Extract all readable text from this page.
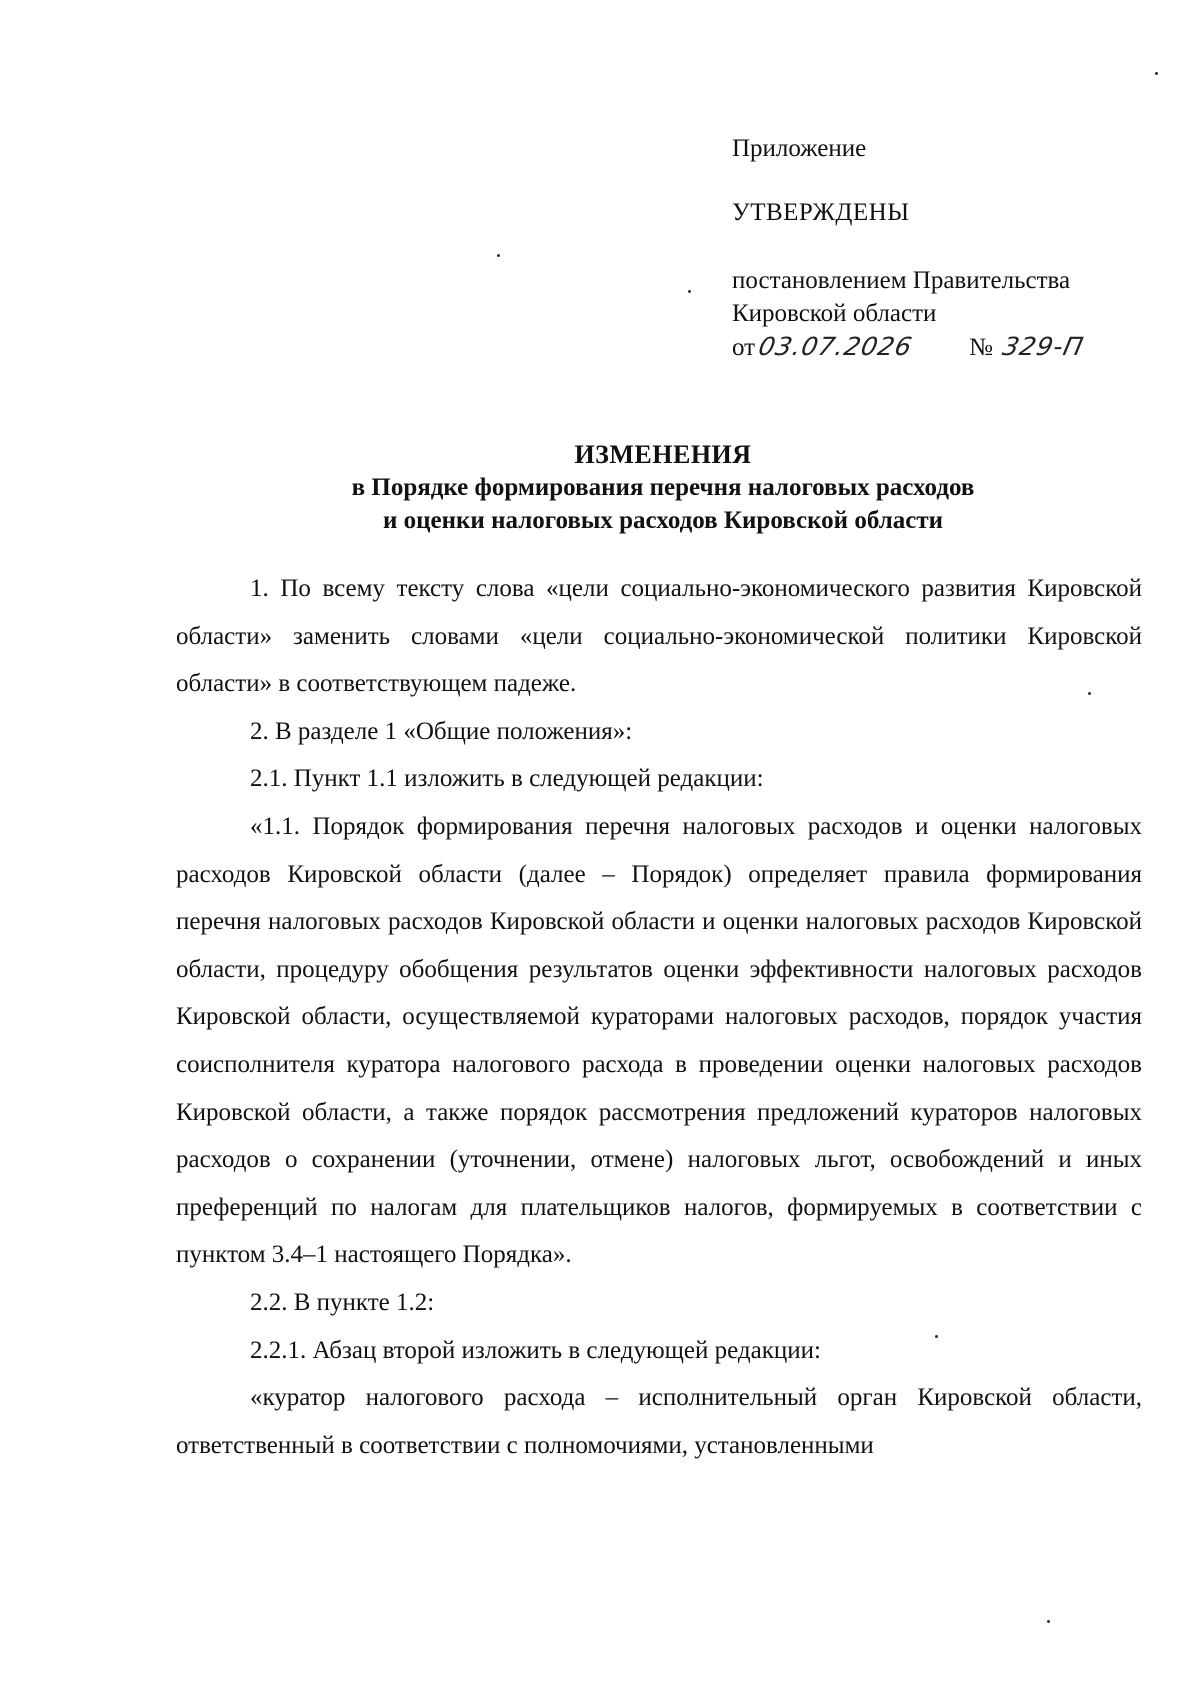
Приложение
УТВЕРЖДЕНЫ
постановлением Правительства
Кировской области
от 03.07.2026	№ 329-П
ИЗМЕНЕНИЯ
в Порядке формирования перечня налоговых расходов
и оценки налоговых расходов Кировской области

1. По всему тексту слова «цели социально-экономического развития Кировской области» заменить словами «цели социально-экономической политики Кировской области» в соответствующем падеже.

2. В разделе 1 «Общие положения»:

2.1. Пункт 1.1 изложить в следующей редакции:

«1.1. Порядок формирования перечня налоговых расходов и оценки налоговых расходов Кировской области (далее – Порядок) определяет правила формирования перечня налоговых расходов Кировской области и оценки налоговых расходов Кировской области, процедуру обобщения результатов оценки эффективности налоговых расходов Кировской области, осуществляемой кураторами налоговых расходов, порядок участия соисполнителя куратора налогового расхода в проведении оценки налоговых расходов Кировской области, а также порядок рассмотрения предложений кураторов налоговых расходов о сохранении (уточнении, отмене) налоговых льгот, освобождений и иных преференций по налогам для плательщиков налогов, формируемых в соответствии с пунктом 3.4–1 настоящего Порядка».

2.2. В пункте 1.2:

2.2.1. Абзац второй изложить в следующей редакции:

«куратор налогового расхода – исполнительный орган Кировской области, ответственный в соответствии с полномочиями, установленными
